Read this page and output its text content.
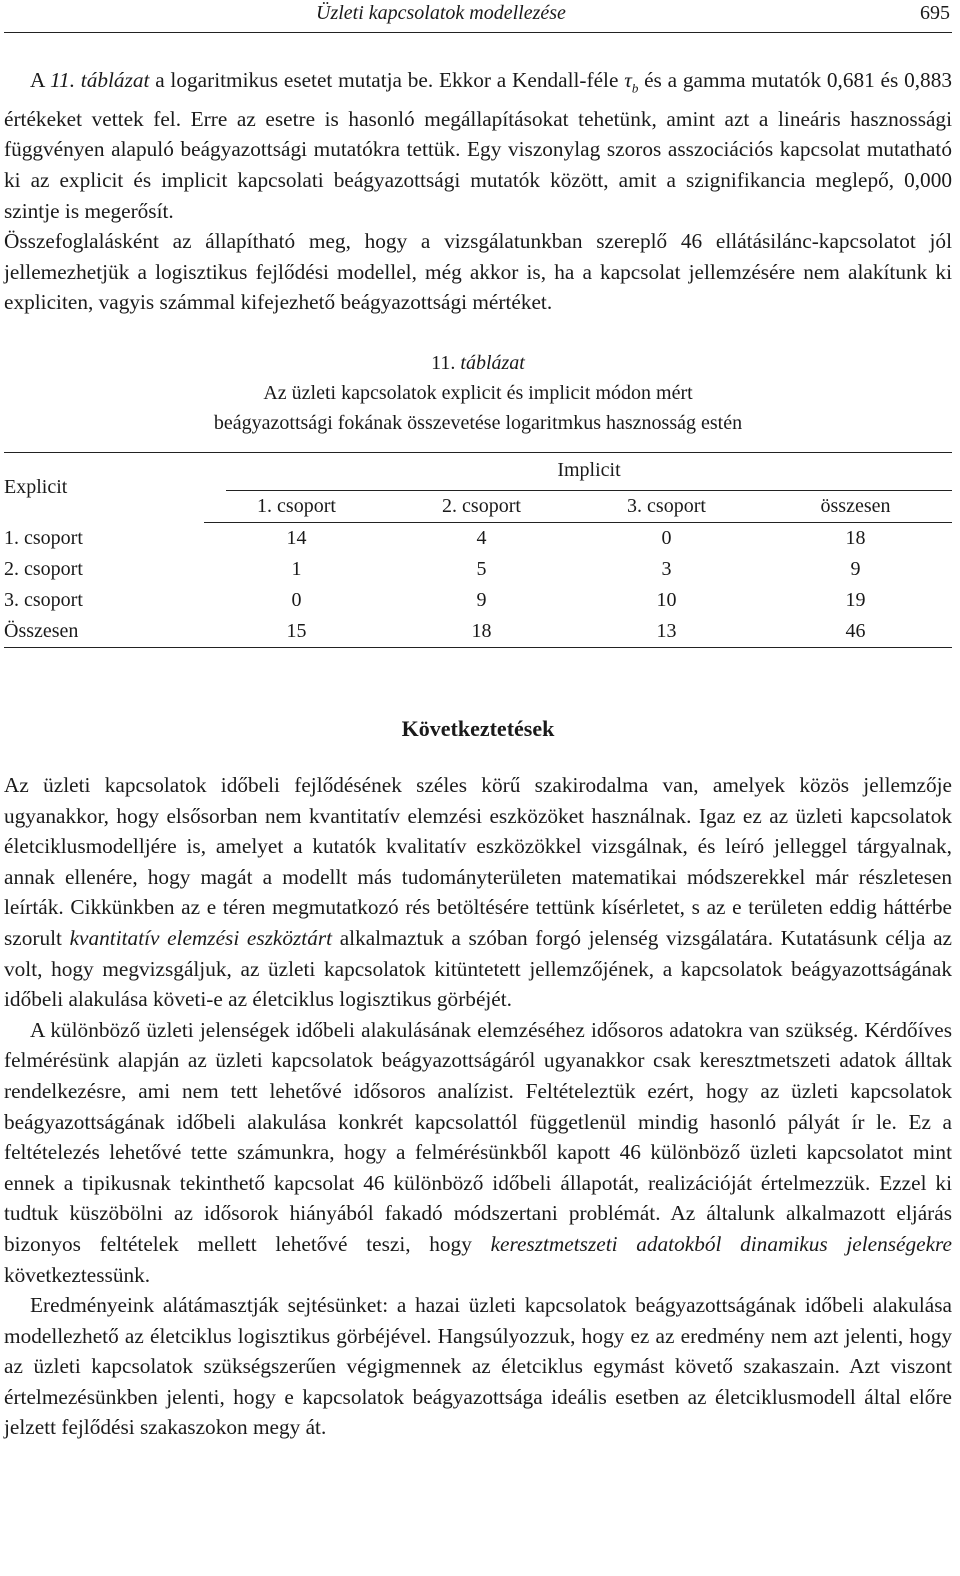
Üzleti kapcsolatok modellezése	695

A 11. táblázat a logaritmikus esetet mutatja be. Ekkor a Kendall-féle $\tau_b$ és a gamma mutatók 0,681 és 0,883 értékeket vettek fel. Erre az esetre is hasonló megállapításokat tehetünk, amint azt a lineáris hasznossági függvényen alapuló beágyazottsági mutatókra tettük. Egy viszonylag szoros asszociációs kapcsolat mutatható ki az explicit és implicit kapcsolati beágyazottsági mutatók között, amit a szignifikancia meglepő, 0,000 szintje is megerősít.

Összefoglalásként az állapítható meg, hogy a vizsgálatunkban szereplő 46 ellátásilánc-kapcsolatot jól jellemezhetjük a logisztikus fejlődési modellel, még akkor is, ha a kapcsolat jellemzésére nem alakítunk ki expliciten, vagyis számmal kifejezhető beágyazottsági mértéket.

11. táblázat
Az üzleti kapcsolatok explicit és implicit módon mért
beágyazottsági fokának összevetése logaritmkus hasznosság estén
Explicit	Implicit			

	1. csoport	2. csoport	3. csoport	összesen
1. csoport	14	4	0	18
2. csoport	1	5	3	9
3. csoport	0	9	10	19
Összesen	15	18	13	46
Következtetések

Az üzleti kapcsolatok időbeli fejlődésének széles körű szakirodalma van, amelyek közös jellemzője ugyanakkor, hogy elsősorban nem kvantitatív elemzési eszközöket használnak. Igaz ez az üzleti kapcsolatok életciklusmodelljére is, amelyet a kutatók kvalitatív eszközökkel vizsgálnak, és leíró jelleggel tárgyalnak, annak ellenére, hogy magát a modellt más tudományterületen matematikai módszerekkel már részletesen leírták. Cikkünkben az e téren megmutatkozó rés betöltésére tettünk kísérletet, s az e területen eddig háttérbe szorult kvantitatív elemzési eszköztárt alkalmaztuk a szóban forgó jelenség vizsgálatára. Kutatásunk célja az volt, hogy megvizsgáljuk, az üzleti kapcsolatok kitüntetett jellemzőjének, a kapcsolatok beágyazottságának időbeli alakulása követi-e az életciklus logisztikus görbéjét.

A különböző üzleti jelenségek időbeli alakulásának elemzéséhez idősoros adatokra van szükség. Kérdőíves felmérésünk alapján az üzleti kapcsolatok beágyazottságáról ugyanakkor csak keresztmetszeti adatok álltak rendelkezésre, ami nem tett lehetővé idősoros analízist. Feltételeztük ezért, hogy az üzleti kapcsolatok beágyazottságának időbeli alakulása konkrét kapcsolattól függetlenül mindig hasonló pályát ír le. Ez a feltételezés lehetővé tette számunkra, hogy a felmérésünkből kapott 46 különböző üzleti kapcsolatot mint ennek a tipikusnak tekinthető kapcsolat 46 különböző időbeli állapotát, realizációját értelmezzük. Ezzel ki tudtuk küszöbölni az idősorok hiányából fakadó módszertani problémát. Az általunk alkalmazott eljárás bizonyos feltételek mellett lehetővé teszi, hogy keresztmetszeti adatokból dinamikus jelenségekre következtessünk.

Eredményeink alátámasztják sejtésünket: a hazai üzleti kapcsolatok beágyazottságának időbeli alakulása modellezhető az életciklus logisztikus görbéjével. Hangsúlyozzuk, hogy ez az eredmény nem azt jelenti, hogy az üzleti kapcsolatok szükségszerűen végigmennek az életciklus egymást követő szakaszain. Azt viszont értelmezésünkben jelenti, hogy e kapcsolatok beágyazottsága ideális esetben az életciklusmodell által előre jelzett fejlődési szakaszokon megy át.
